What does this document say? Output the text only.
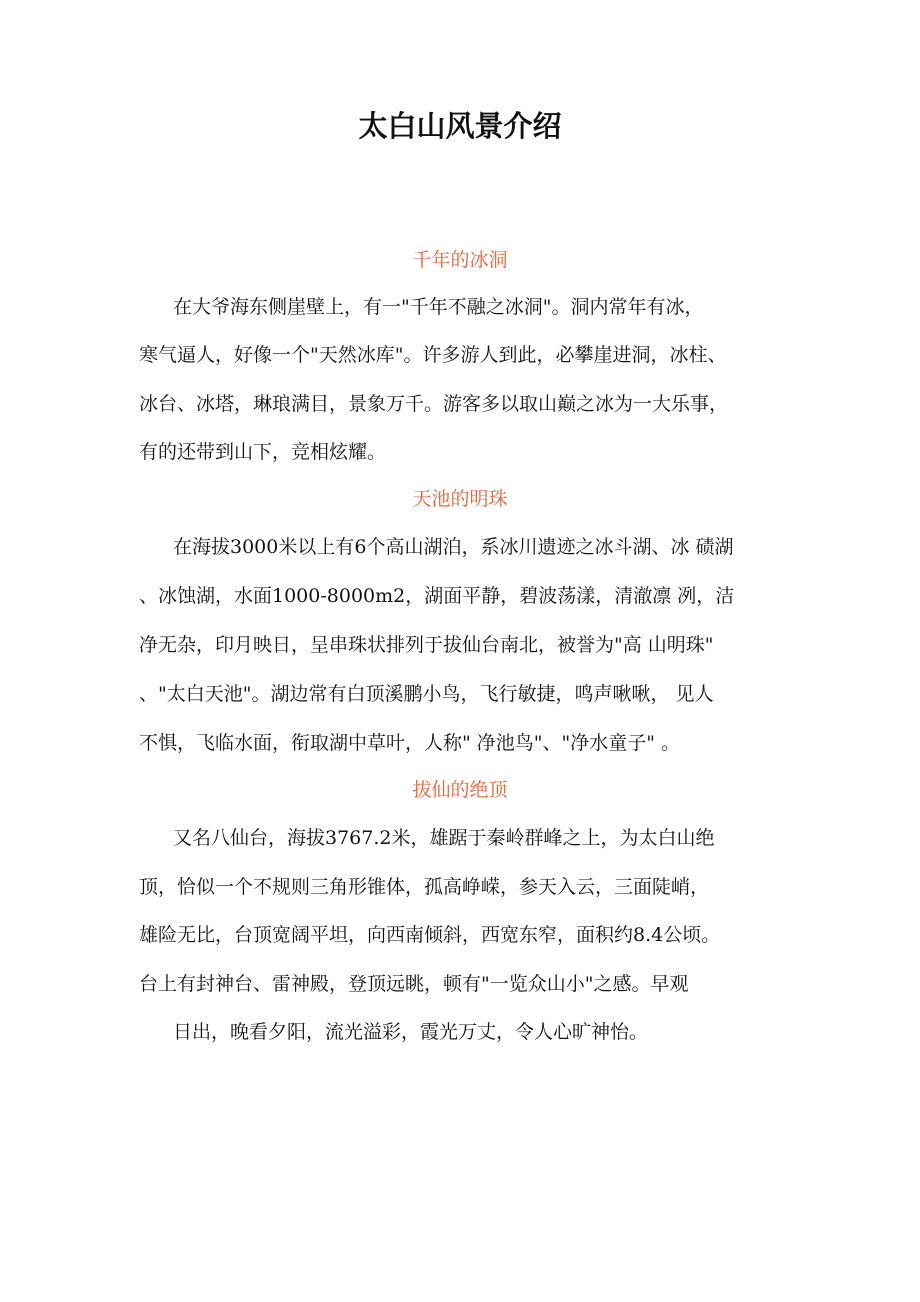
太白山风景介绍
千年的冰洞
在大爷海东侧崖壁上，有一"千年不融之冰洞"。洞内常年有冰，
寒气逼人，好像一个"天然冰库"。许多游人到此，必攀崖进洞，冰柱、
冰台、冰塔，琳琅满目，景象万千。游客多以取山巅之冰为一大乐事，
有的还带到山下，竞相炫耀。
天池的明珠
在海拔3000米以上有6个高山湖泊，系冰川遗迹之冰斗湖、冰 碛湖
、冰蚀湖，水面1000-8000m2，湖面平静，碧波荡漾，清澈凛 冽，洁
净无杂，印月映日，呈串珠状排列于拔仙台南北，被誉为"高 山明珠"
、"太白天池"。湖边常有白顶溪鹏小鸟，飞行敏捷，鸣声啾啾， 见人
不惧，飞临水面，衔取湖中草叶，人称" 净池鸟"、"净水童子" 。
拔仙的绝顶
又名八仙台，海拔3767.2米，雄踞于秦岭群峰之上，为太白山绝
顶，恰似一个不规则三角形锥体，孤高峥嵘，参天入云，三面陡峭，
雄险无比，台顶宽阔平坦，向西南倾斜，西宽东窄，面积约8.4公顷。
台上有封神台、雷神殿，登顶远眺，顿有"一览众山小"之感。早观
日出，晚看夕阳，流光溢彩，霞光万丈，令人心旷神怡。
